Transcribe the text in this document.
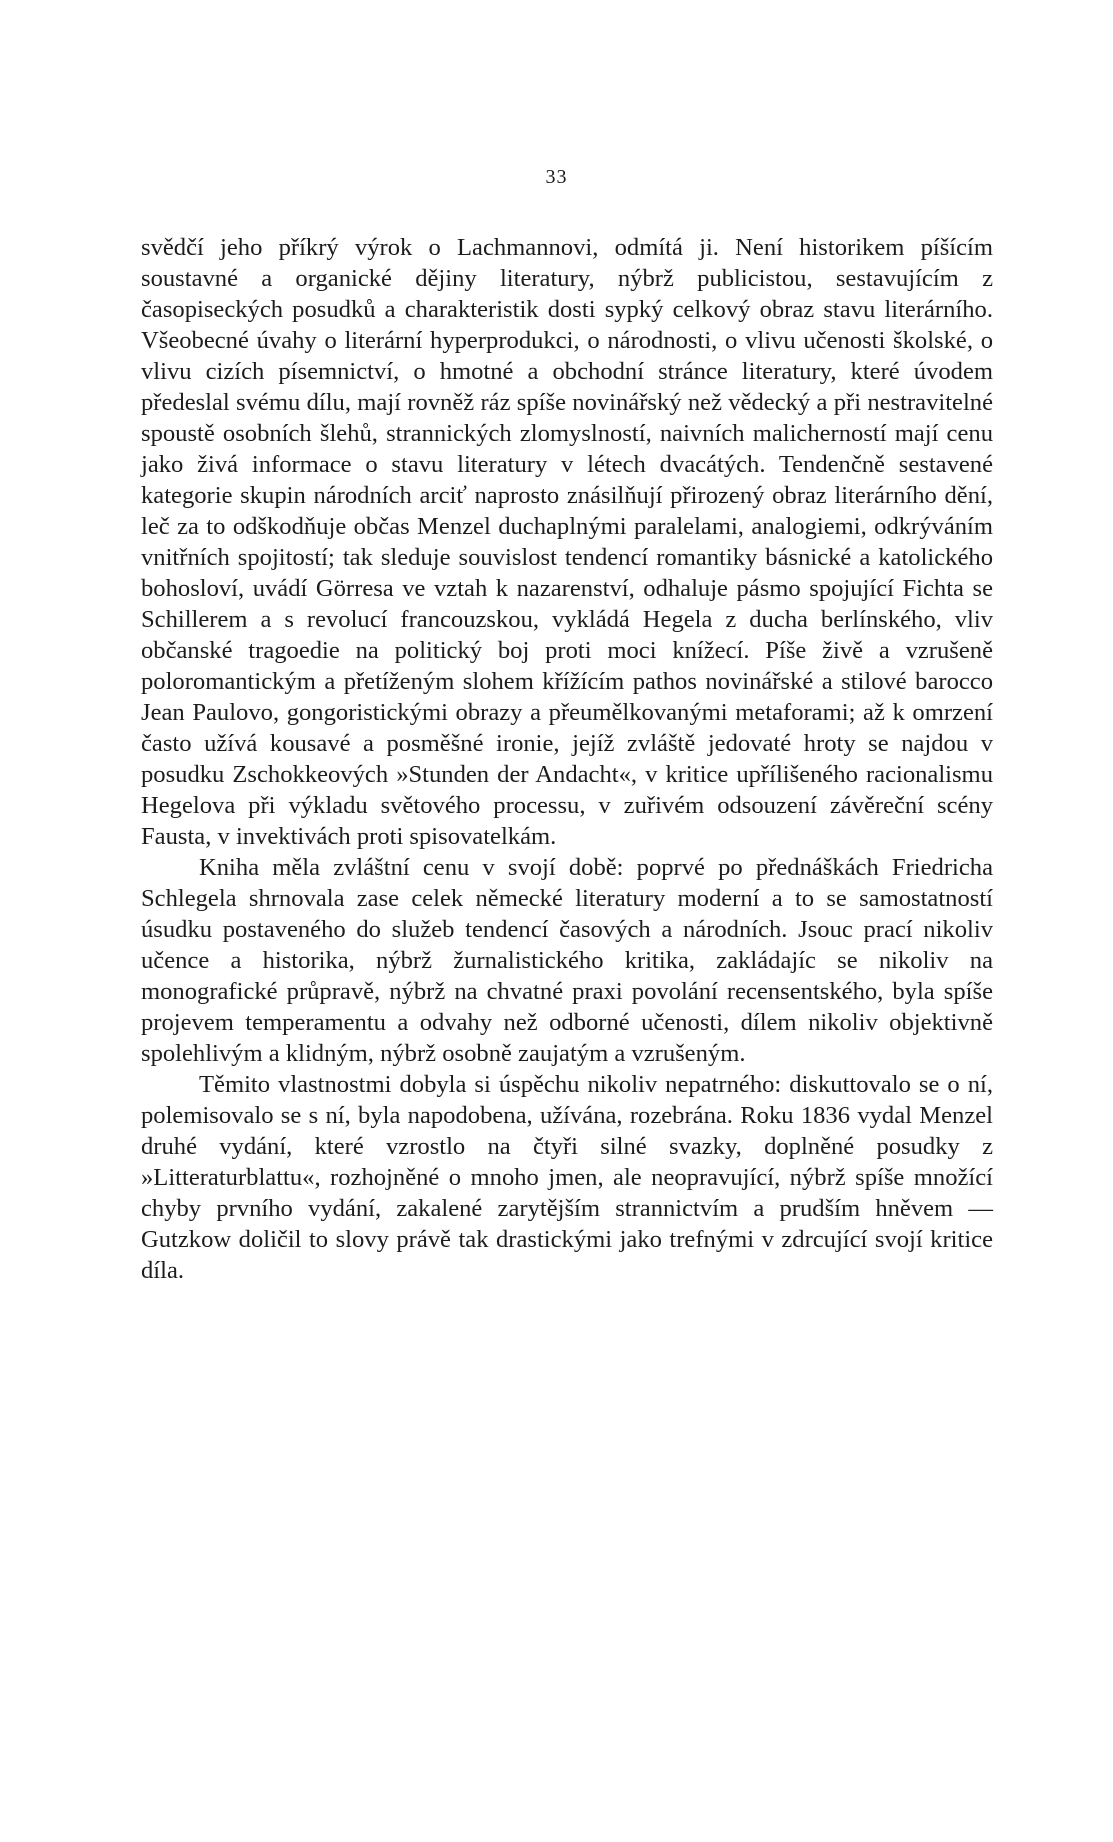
33

svědčí jeho příkrý výrok o Lachmannovi, odmítá ji. Není historikem píšícím soustavné a organické dějiny literatury, nýbrž publicistou, sestavujícím z časopiseckých posudků a charakteristik dosti sypký celkový obraz stavu literárního. Všeobecné úvahy o literární hyperprodukci, o národnosti, o vlivu učenosti školské, o vlivu cizích písemnictví, o hmotné a obchodní stránce literatury, které úvodem předeslal svému dílu, mají rovněž ráz spíše novinářský než vědecký a při nestravitelné spoustě osobních šlehů, strannických zlomyslností, naivních malicherností mají cenu jako živá informace o stavu literatury v létech dvacátých. Tendenčně sestavené kategorie skupin národních arciť naprosto znásilňují přirozený obraz literárního dění, leč za to odškodňuje občas Menzel duchaplnými paralelami, analogiemi, odkrýváním vnitřních spojitostí; tak sleduje souvislost tendencí romantiky básnické a katolického bohosloví, uvádí Görresa ve vztah k nazarenství, odhaluje pásmo spojující Fichta se Schillerem a s revolucí francouzskou, vykládá Hegela z ducha berlínského, vliv občanské tragoedie na politický boj proti moci knížecí. Píše živě a vzrušeně poloromantickým a přetíženým slohem křížícím pathos novinářské a stilové barocco Jean Paulovo, gongoristickými obrazy a přeumělkovanými metaforami; až k omrzení často užívá kousavé a posměšné ironie, jejíž zvláště jedovaté hroty se najdou v posudku Zschokkeových »Stunden der Andacht«, v kritice upřílišeného racionalismu Hegelova při výkladu světového processu, v zuřivém odsouzení závěreční scény Fausta, v invektivách proti spisovatelkám.

Kniha měla zvláštní cenu v svojí době: poprvé po přednáškách Friedricha Schlegela shrnovala zase celek německé literatury moderní a to se samostatností úsudku postaveného do služeb tendencí časových a národních. Jsouc prací nikoliv učence a historika, nýbrž žurnalistického kritika, zakládajíc se nikoliv na monografické průpravě, nýbrž na chvatné praxi povolání recensentského, byla spíše projevem temperamentu a odvahy než odborné učenosti, dílem nikoliv objektivně spolehlivým a klidným, nýbrž osobně zaujatým a vzrušeným.

Těmito vlastnostmi dobyla si úspěchu nikoliv nepatrného: diskuttovalo se o ní, polemisovalo se s ní, byla napodobena, užívána, rozebrána. Roku 1836 vydal Menzel druhé vydání, které vzrostlo na čtyři silné svazky, doplněné posudky z »Litteraturblattu«, rozhojněné o mnoho jmen, ale neopravující, nýbrž spíše množící chyby prvního vydání, zakalené zarytějším strannictvím a prudším hněvem — Gutzkow doličil to slovy právě tak drastickými jako trefnými v zdrcující svojí kritice díla.
